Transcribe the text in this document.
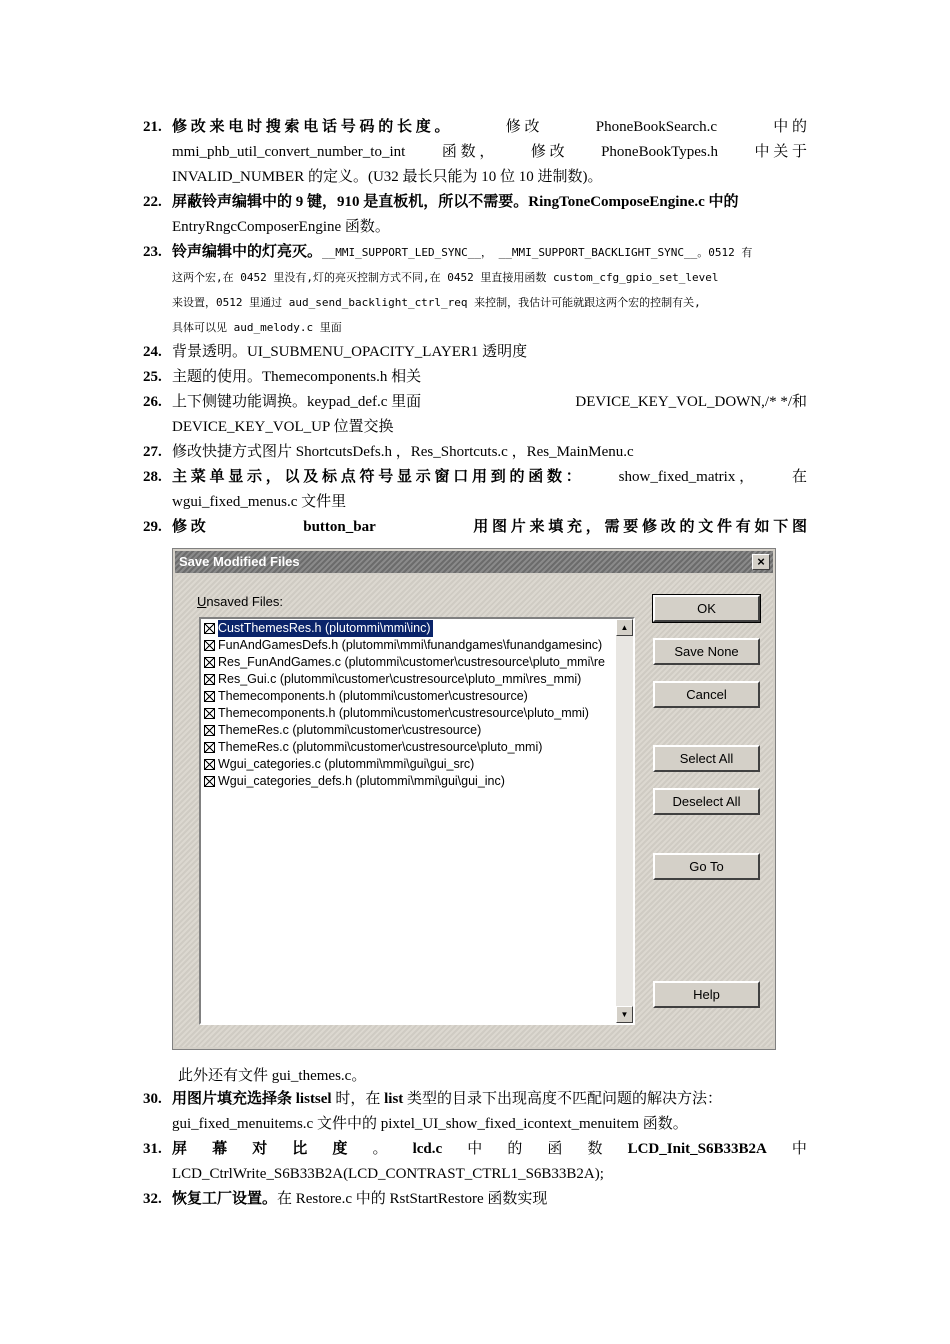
21. 修 改 来 电 时 搜 索 电 话 号 码 的 长 度 。	修 改	PhoneBookSearch.c	中 的
mmi_phb_util_convert_number_to_int 函 数 ， 修 改 PhoneBookTypes.h 中 关 于
INVALID_NUMBER 的定义。(U32 最长只能为 10 位 10 进制数)。
22. 屏蔽铃声编辑中的 9 键，910 是直板机，所以不需要。RingToneComposeEngine.c 中的
EntryRngcComposerEngine 函数。
23. 铃声编辑中的灯亮灭。__MMI_SUPPORT_LED_SYNC__， __MMI_SUPPORT_BACKLIGHT_SYNC__。0512 有
这两个宏,在 0452 里没有,灯的亮灭控制方式不同,在 0452 里直接用函数 custom_cfg_gpio_set_level
来设置，0512 里通过 aud_send_backlight_ctrl_req 来控制，我估计可能就跟这两个宏的控制有关,
具体可以见 aud_melody.c 里面
24. 背景透明。UI_SUBMENU_OPACITY_LAYER1 透明度
25. 主题的使用。Themecomponents.h 相关
26. 上下侧键功能调换。keypad_def.c 里面	DEVICE_KEY_VOL_DOWN,/* */和
DEVICE_KEY_VOL_UP 位置交换
27. 修改快捷方式图片 ShortcutsDefs.h ，Res_Shortcuts.c ，Res_MainMenu.c
28. 主 菜 单 显 示 ， 以 及 标 点 符 号 显 示 窗 口 用 到 的 函 数 ：	show_fixed_matrix ，	在
wgui_fixed_menus.c 文件里
29. 修 改	button_bar	用 图 片 来 填 充 ， 需 要 修 改 的 文 件 有 如 下 图
Save Modified Files	×
Unsaved Files:
CustThemesRes.h (plutommi\mmi\inc)
FunAndGamesDefs.h (plutommi\mmi\funandgames\funandgamesinc)
Res_FunAndGames.c (plutommi\customer\custresource\pluto_mmi\re
Res_Gui.c (plutommi\customer\custresource\pluto_mmi\res_mmi)
Themecomponents.h (plutommi\customer\custresource)
Themecomponents.h (plutommi\customer\custresource\pluto_mmi)
ThemeRes.c (plutommi\customer\custresource)
ThemeRes.c (plutommi\customer\custresource\pluto_mmi)
Wgui_categories.c (plutommi\mmi\gui\gui_src)
Wgui_categories_defs.h (plutommi\mmi\gui\gui_inc)
▲
▼
OK
Save None
Cancel
Select All
Deselect All
Go To
Help
此外还有文件 gui_themes.c。
30. 用图片填充选择条 listsel 时，在 list 类型的目录下出现高度不匹配问题的解决方法：
gui_fixed_menuitems.c 文件中的 pixtel_UI_show_fixed_icontext_menuitem 函数。
31. 屏 幕 对 比 度 。 lcd.c 中 的 函 数 LCD_Init_S6B33B2A 中
LCD_CtrlWrite_S6B33B2A(LCD_CONTRAST_CTRL1_S6B33B2A);
32. 恢复工厂设置。在 Restore.c 中的 RstStartRestore 函数实现
